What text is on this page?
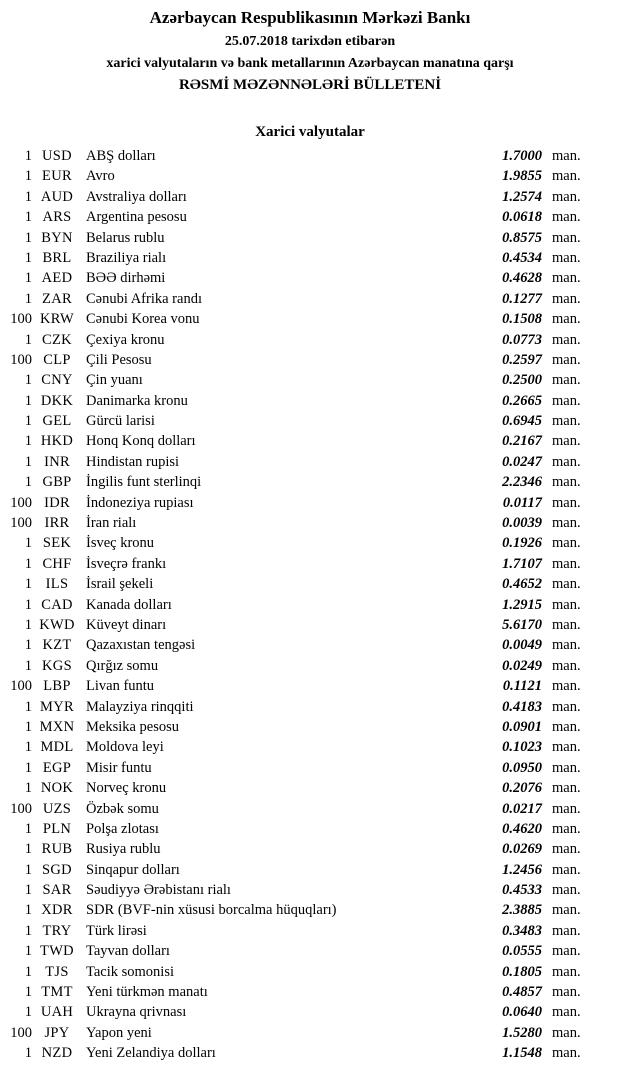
Azərbaycan Respublikasının Mərkəzi Bankı
25.07.2018 tarixdən etibarən
xarici valyutaların və bank metallarının Azərbaycan manatına qarşı
RƏSMİ MƏZƏNNƏLƏRİ BÜLLETENİ
Xarici valyutalar
1 USD ABŞ dolları	1.7000 man.
1 EUR Avro	1.9855 man.
1 AUD Avstraliya dolları	1.2574 man.
1 ARS Argentina pesosu	0.0618 man.
1 BYN Belarus rublu	0.8575 man.
1 BRL Braziliya rialı	0.4534 man.
1 AED BƏƏ dirhəmi	0.4628 man.
1 ZAR Cənubi Afrika randı	0.1277 man.
100 KRW Cənubi Korea vonu	0.1508 man.
1 CZK Çexiya kronu	0.0773 man.
100 CLP	Çili Pesosu	0.2597 man.
1 CNY Çin yuanı	0.2500 man.
1 DKK Danimarka kronu	0.2665 man.
1 GEL Gürcü larisi	0.6945 man.
1 HKD Honq Konq dolları	0.2167 man.
1 INR	Hindistan rupisi	0.0247 man.
1 GBP İngilis funt sterlinqi	2.2346 man.
100 IDR	İndoneziya rupiası	0.0117 man.
100 IRR	İran rialı	0.0039 man.
1 SEK	İsveç kronu	0.1926 man.
1 CHF İsveçrə frankı	1.7107 man.
1 ILS	İsrail şekeli	0.4652 man.
1 CAD Kanada dolları	1.2915 man.
1 KWD Küveyt dinarı	5.6170 man.
1 KZT Qazaxıstan tengəsi	0.0049 man.
1 KGS Qırğız somu	0.0249 man.
100 LBP	Livan funtu	0.1121 man.
1 MYR Malayziya rinqqiti	0.4183 man.
1 MXN Meksika pesosu	0.0901 man.
1 MDL Moldova leyi	0.1023 man.
1 EGP	Misir funtu	0.0950 man.
1 NOK Norveç kronu	0.2076 man.
100 UZS	Özbək somu	0.0217 man.
1 PLN	Polşa zlotası	0.4620 man.
1 RUB Rusiya rublu	0.0269 man.
1 SGD Sinqapur dolları	1.2456 man.
1 SAR Səudiyyə Ərəbistanı rialı	0.4533 man.
1 XDR SDR (BVF-nin xüsusi borcalma hüquqları)	2.3885 man.
1 TRY Türk lirəsi	0.3483 man.
1 TWD Tayvan dolları	0.0555 man.
1 TJS	Tacik somonisi	0.1805 man.
1 TMT Yeni türkmən manatı	0.4857 man.
1 UAH Ukrayna qrivnası	0.0640 man.
100 JPY	Yapon yeni	1.5280 man.
1 NZD Yeni Zelandiya dolları	1.1548 man.
